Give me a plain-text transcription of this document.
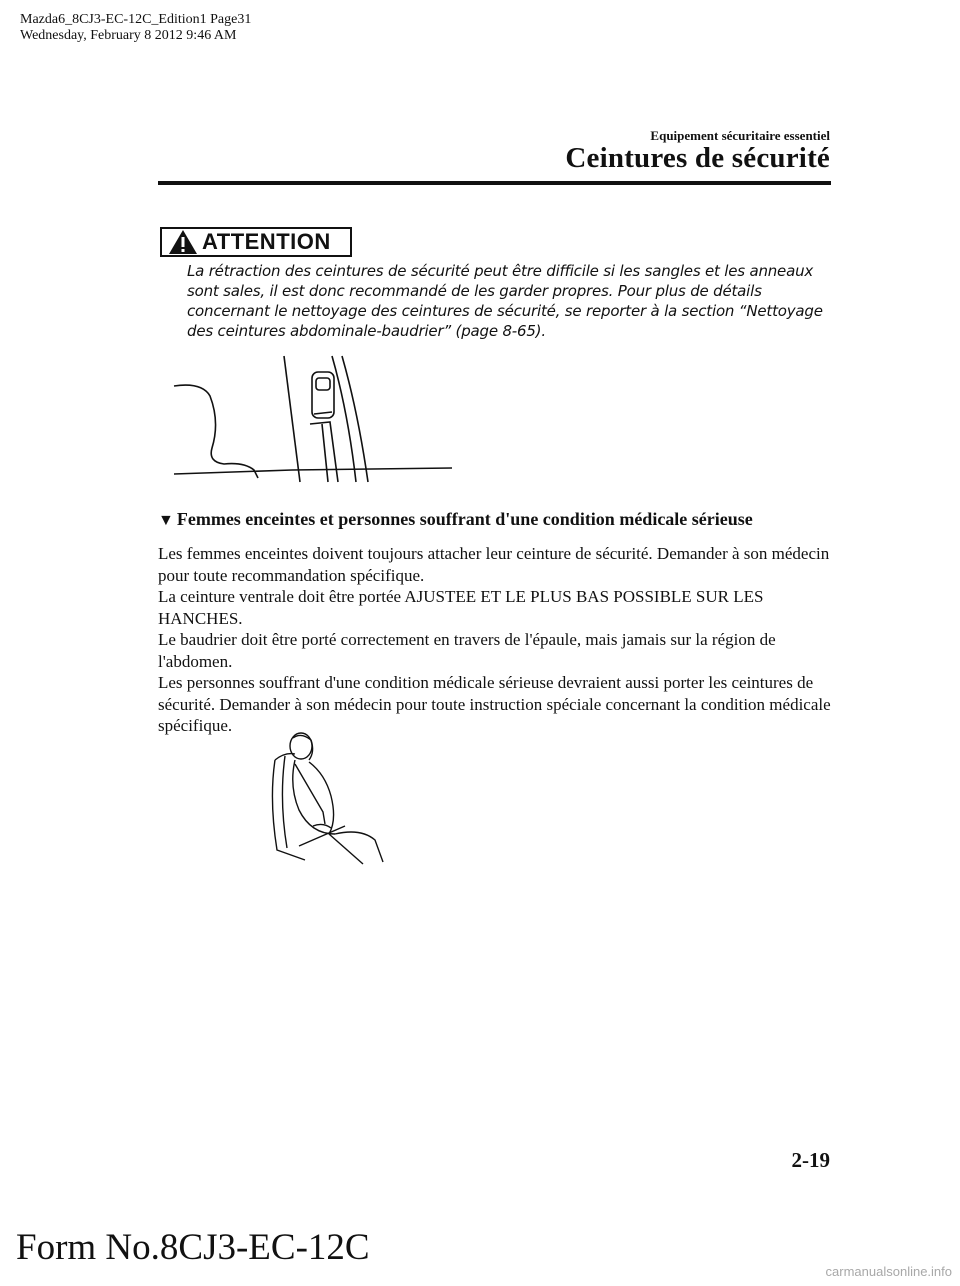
Mazda6_8CJ3-EC-12C_Edition1 Page31
Wednesday, February 8 2012 9:46 AM
Equipement sécuritaire essentiel
Ceintures de sécurité
ATTENTION
La rétraction des ceintures de sécurité peut être difficile si les sangles et les anneaux sont sales, il est donc recommandé de les garder propres. Pour plus de détails concernant le nettoyage des ceintures de sécurité, se reporter à la section “Nettoyage des ceintures abdominale-baudrier” (page 8-65).
▼ Femmes enceintes et personnes souffrant d'une condition médicale sérieuse

Les femmes enceintes doivent toujours attacher leur ceinture de sécurité. Demander à son médecin pour toute recommandation spécifique.

La ceinture ventrale doit être portée AJUSTEE ET LE PLUS BAS POSSIBLE SUR LES HANCHES.

Le baudrier doit être porté correctement en travers de l'épaule, mais jamais sur la région de l'abdomen.

Les personnes souffrant d'une condition médicale sérieuse devraient aussi porter les ceintures de sécurité. Demander à son médecin pour toute instruction spéciale concernant la condition médicale spécifique.

2-19
Form No.8CJ3-EC-12C
carmanualsonline.info
